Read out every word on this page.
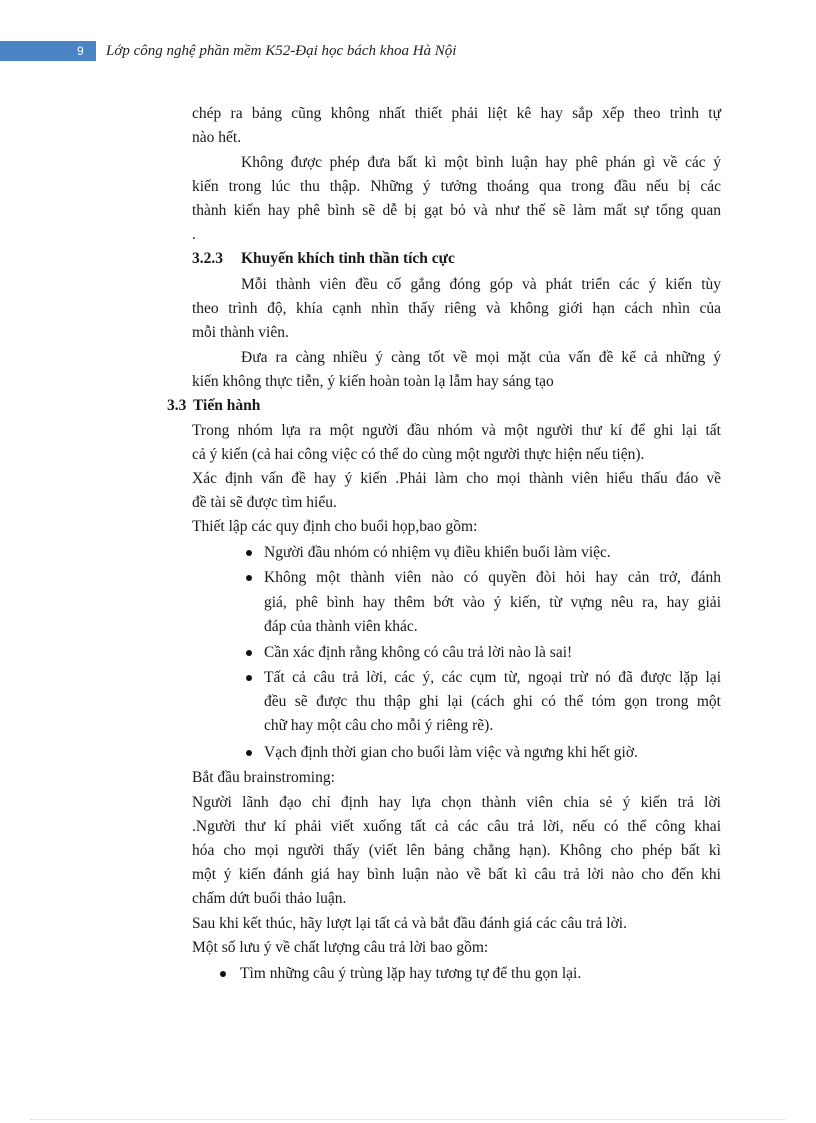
9 Lớp công nghệ phần mềm K52-Đại học bách khoa Hà Nội
chép ra bảng cũng không nhất thiết phải liệt kê hay sắp xếp theo trình tự
nào hết.
Không được phép đưa bất kì một bình luận hay phê phán gì về các ý
kiến trong lúc thu thập. Những ý tưởng thoáng qua trong đầu nếu bị các
thành kiến hay phê bình sẽ dễ bị gạt bỏ và như thế sẽ làm mất sự tổng quan
.
3.2.3 Khuyến khích tinh thần tích cực
Mỗi thành viên đều cố gắng đóng góp và phát triển các ý kiến tùy
theo trình độ, khía cạnh nhìn thấy riêng và không giới hạn cách nhìn của
mỗi thành viên.
Đưa ra càng nhiều ý càng tốt về mọi mặt của vấn đề kể cả những ý
kiến không thực tiễn, ý kiến hoàn toàn lạ lẫm hay sáng tạo
3.3 Tiến hành
Trong nhóm lựa ra một người đầu nhóm và một người thư kí để ghi lại tất
cả ý kiến (cả hai công việc có thể do cùng một người thực hiện nếu tiện).
Xác định vấn đề hay ý kiến .Phải làm cho mọi thành viên hiểu thấu đáo về
đề tài sẽ được tìm hiểu.
Thiết lập các quy định cho buổi họp,bao gồm:
Người đầu nhóm có nhiệm vụ điều khiển buổi làm việc.
Không một thành viên nào có quyền đòi hỏi hay cản trở, đánh
giá, phê bình hay thêm bớt vào ý kiến, từ vựng nêu ra, hay giải
đáp của thành viên khác.
Cần xác định rằng không có câu trả lời nào là sai!
Tất cả câu trả lời, các ý, các cụm từ, ngoại trừ nó đã được lặp lại
đều sẽ được thu thập ghi lại (cách ghi có thể tóm gọn trong một
chữ hay một câu cho mỗi ý riêng rẽ).
Vạch định thời gian cho buổi làm việc và ngưng khi hết giờ.
Bắt đầu brainstroming:
Người lãnh đạo chỉ định hay lựa chọn thành viên chia sẻ ý kiến trả lời
.Người thư kí phải viết xuống tất cả các câu trả lời, nếu có thể công khai
hóa cho mọi người thấy (viết lên bảng chẳng hạn). Không cho phép bất kì
một ý kiến đánh giá hay bình luận nào về bất kì câu trả lời nào cho đến khi
chấm dứt buổi thảo luận.
Sau khi kết thúc, hãy lượt lại tất cả và bắt đầu đánh giá các câu trả lời.
Một số lưu ý về chất lượng câu trả lời bao gồm:
Tìm những câu ý trùng lặp hay tương tự để thu gọn lại.
